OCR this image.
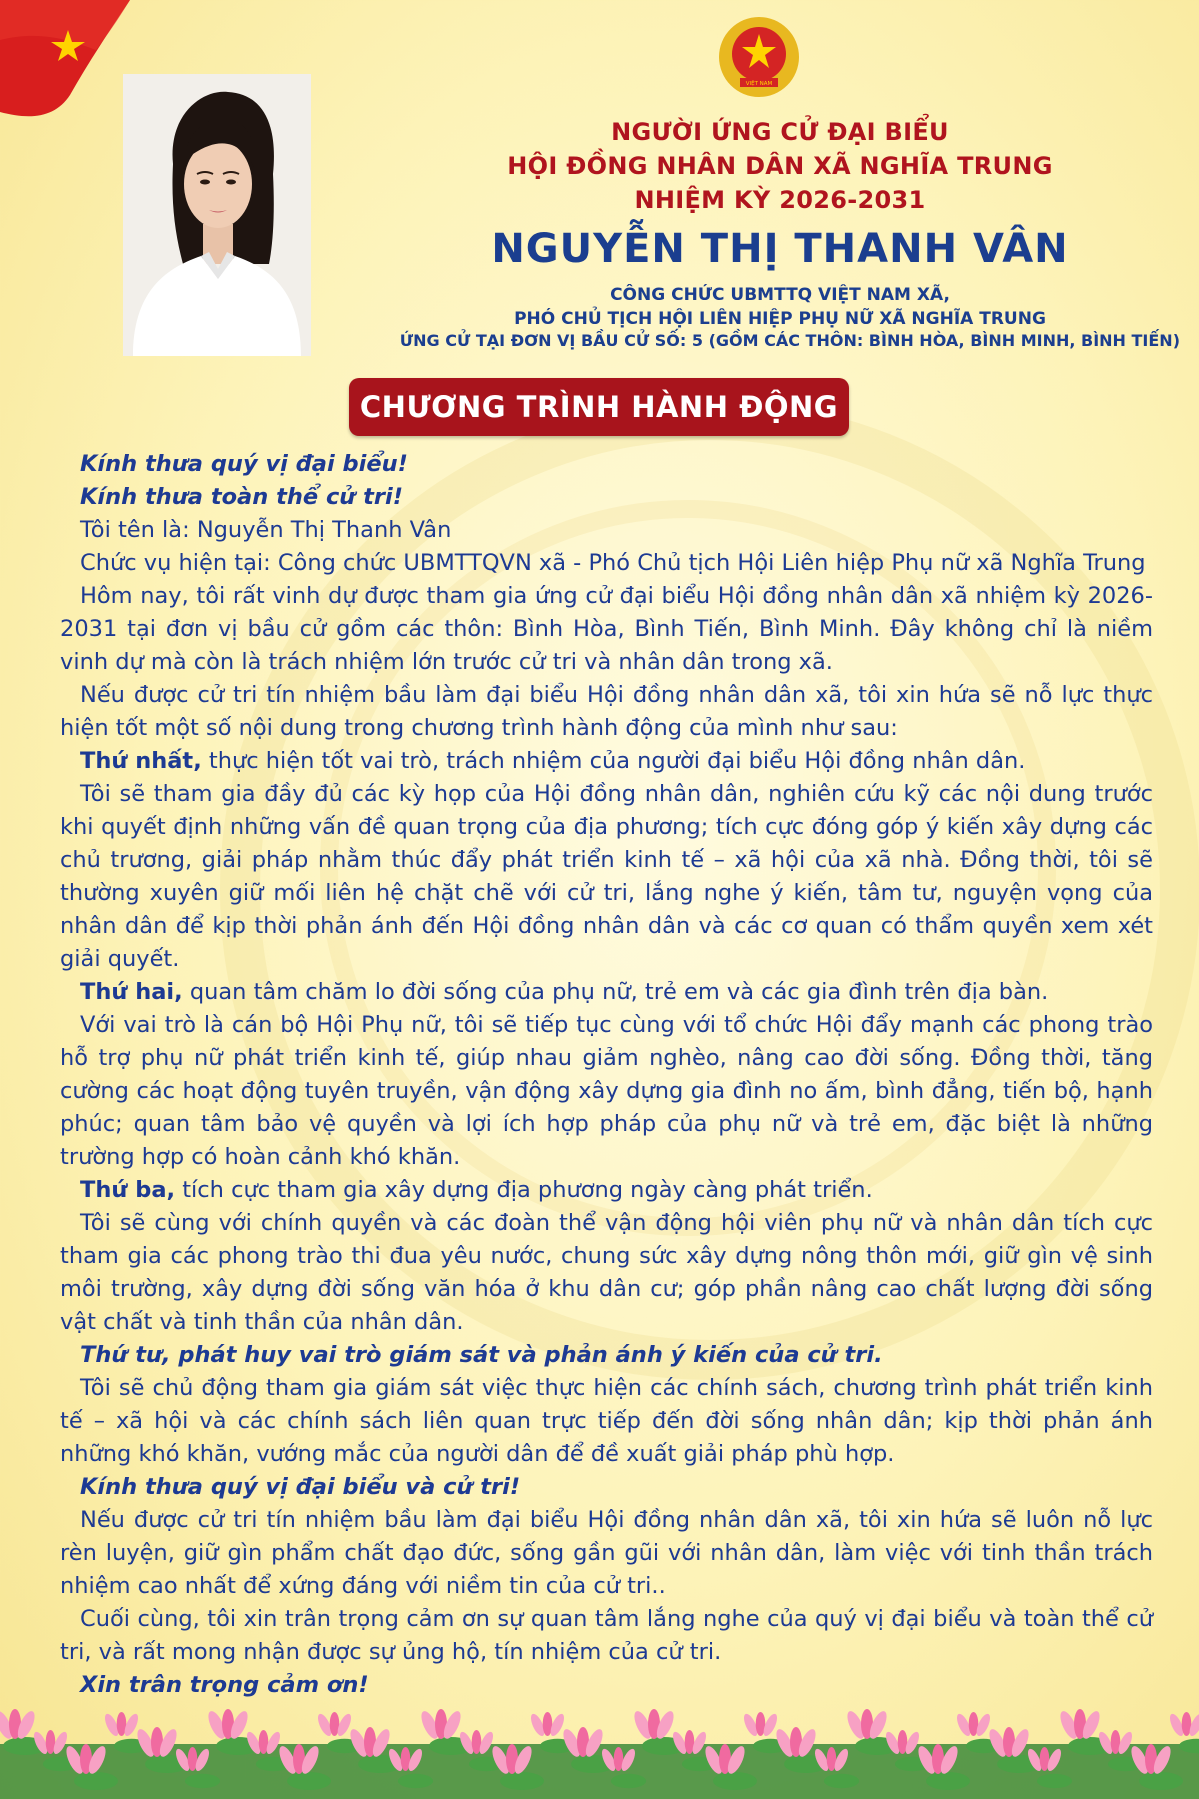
VIỆT NAM
NGƯỜI ỨNG CỬ ĐẠI BIỂU
HỘI ĐỒNG NHÂN DÂN XÃ NGHĨA TRUNG
NHIỆM KỲ 2026-2031
NGUYỄN THỊ THANH VÂN
CÔNG CHỨC UBMTTQ VIỆT NAM XÃ,
PHÓ CHỦ TỊCH HỘI LIÊN HIỆP PHỤ NỮ XÃ NGHĨA TRUNG
ỨNG CỬ TẠI ĐƠN VỊ BẦU CỬ SỐ: 5 (GỒM CÁC THÔN: BÌNH HÒA, BÌNH MINH, BÌNH TIẾN)
CHƯƠNG TRÌNH HÀNH ĐỘNG

Kính thưa quý vị đại biểu!

Kính thưa toàn thể cử tri!

Tôi tên là: Nguyễn Thị Thanh Vân

Chức vụ hiện tại: Công chức UBMTTQVN xã - Phó Chủ tịch Hội Liên hiệp Phụ nữ xã Nghĩa Trung

Hôm nay, tôi rất vinh dự được tham gia ứng cử đại biểu Hội đồng nhân dân xã nhiệm kỳ 2026-2031 tại đơn vị bầu cử gồm các thôn: Bình Hòa, Bình Tiến, Bình Minh. Đây không chỉ là niềm vinh dự mà còn là trách nhiệm lớn trước cử tri và nhân dân trong xã.

Nếu được cử tri tín nhiệm bầu làm đại biểu Hội đồng nhân dân xã, tôi xin hứa sẽ nỗ lực thực hiện tốt một số nội dung trong chương trình hành động của mình như sau:

Thứ nhất, thực hiện tốt vai trò, trách nhiệm của người đại biểu Hội đồng nhân dân.

Tôi sẽ tham gia đầy đủ các kỳ họp của Hội đồng nhân dân, nghiên cứu kỹ các nội dung trước khi quyết định những vấn đề quan trọng của địa phương; tích cực đóng góp ý kiến xây dựng các chủ trương, giải pháp nhằm thúc đẩy phát triển kinh tế – xã hội của xã nhà. Đồng thời, tôi sẽ thường xuyên giữ mối liên hệ chặt chẽ với cử tri, lắng nghe ý kiến, tâm tư, nguyện vọng của nhân dân để kịp thời phản ánh đến Hội đồng nhân dân và các cơ quan có thẩm quyền xem xét giải quyết.

Thứ hai, quan tâm chăm lo đời sống của phụ nữ, trẻ em và các gia đình trên địa bàn.

Với vai trò là cán bộ Hội Phụ nữ, tôi sẽ tiếp tục cùng với tổ chức Hội đẩy mạnh các phong trào hỗ trợ phụ nữ phát triển kinh tế, giúp nhau giảm nghèo, nâng cao đời sống. Đồng thời, tăng cường các hoạt động tuyên truyền, vận động xây dựng gia đình no ấm, bình đẳng, tiến bộ, hạnh phúc; quan tâm bảo vệ quyền và lợi ích hợp pháp của phụ nữ và trẻ em, đặc biệt là những trường hợp có hoàn cảnh khó khăn.

Thứ ba, tích cực tham gia xây dựng địa phương ngày càng phát triển.

Tôi sẽ cùng với chính quyền và các đoàn thể vận động hội viên phụ nữ và nhân dân tích cực tham gia các phong trào thi đua yêu nước, chung sức xây dựng nông thôn mới, giữ gìn vệ sinh môi trường, xây dựng đời sống văn hóa ở khu dân cư; góp phần nâng cao chất lượng đời sống vật chất và tinh thần của nhân dân.

Thứ tư, phát huy vai trò giám sát và phản ánh ý kiến của cử tri.

Tôi sẽ chủ động tham gia giám sát việc thực hiện các chính sách, chương trình phát triển kinh tế – xã hội và các chính sách liên quan trực tiếp đến đời sống nhân dân; kịp thời phản ánh những khó khăn, vướng mắc của người dân để đề xuất giải pháp phù hợp.

Kính thưa quý vị đại biểu và cử tri!

Nếu được cử tri tín nhiệm bầu làm đại biểu Hội đồng nhân dân xã, tôi xin hứa sẽ luôn nỗ lực rèn luyện, giữ gìn phẩm chất đạo đức, sống gần gũi với nhân dân, làm việc với tinh thần trách nhiệm cao nhất để xứng đáng với niềm tin của cử tri..

Cuối cùng, tôi xin trân trọng cảm ơn sự quan tâm lắng nghe của quý vị đại biểu và toàn thể cử tri, và rất mong nhận được sự ủng hộ, tín nhiệm của cử tri.

Xin trân trọng cảm ơn!
